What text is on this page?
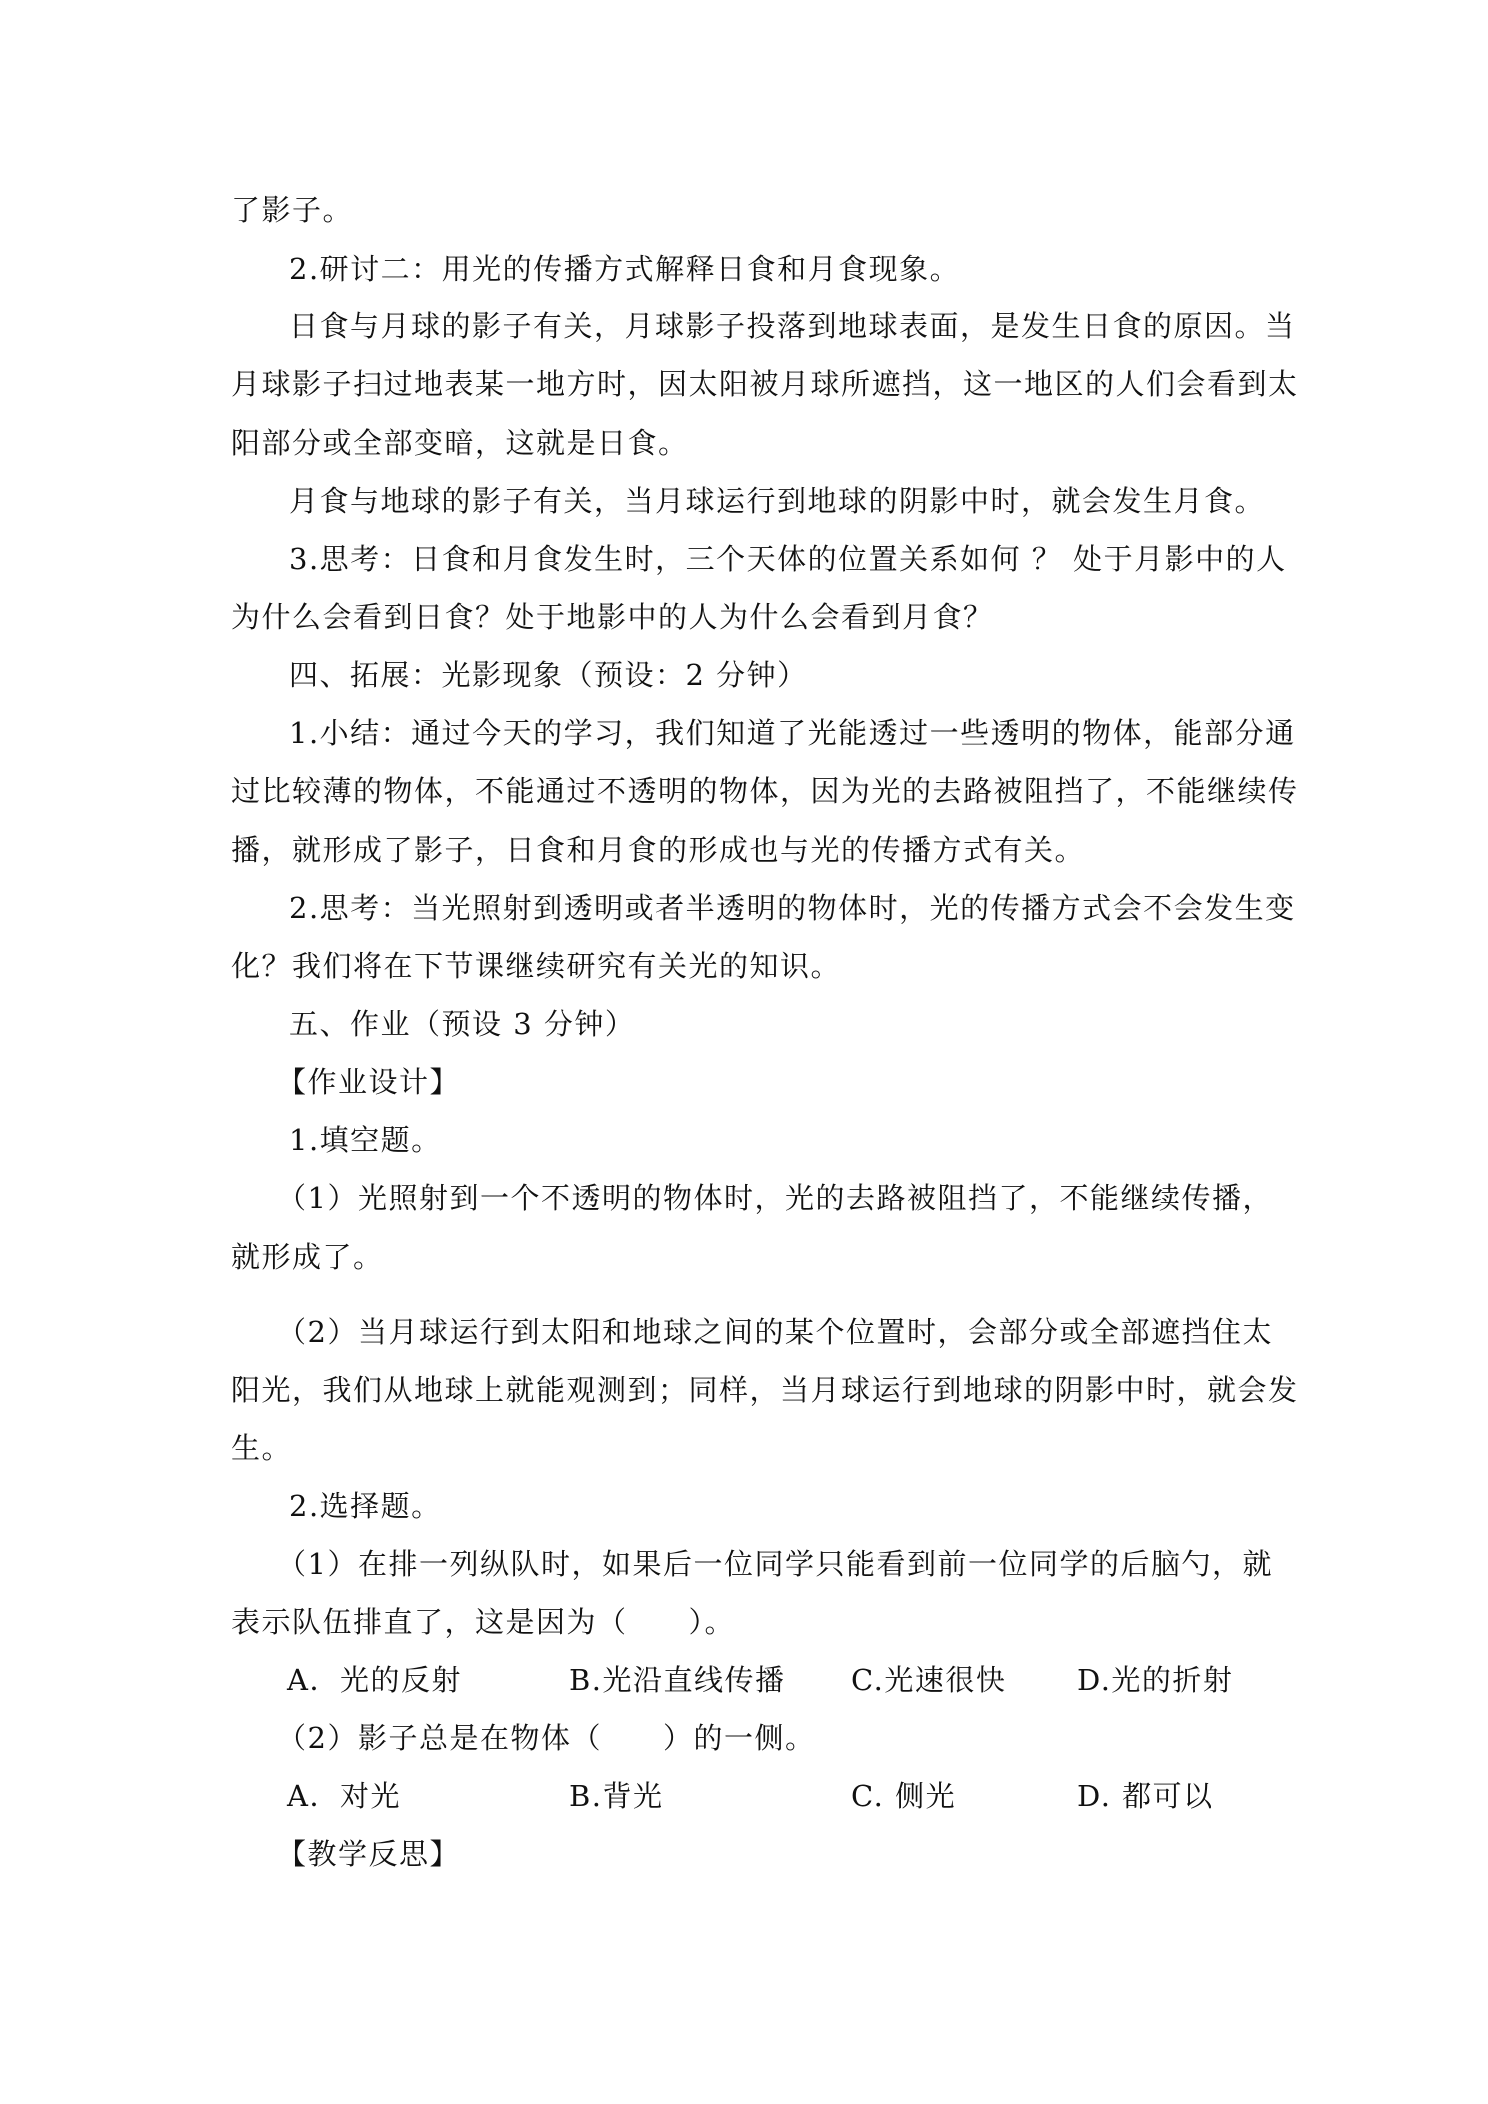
了影子。
2.研讨二：用光的传播方式解释日食和月食现象。
日食与月球的影子有关，月球影子投落到地球表面，是发生日食的原因。当
月球影子扫过地表某一地方时，因太阳被月球所遮挡，这一地区的人们会看到太
阳部分或全部变暗，这就是日食。
月食与地球的影子有关，当月球运行到地球的阴影中时，就会发生月食。
3.思考：日食和月食发生时，三个天体的位置关系如何 ？ 处于月影中的人
为什么会看到日食？处于地影中的人为什么会看到月食？
四、拓展：光影现象（预设：2 分钟）
1.小结：通过今天的学习，我们知道了光能透过一些透明的物体，能部分通
过比较薄的物体，不能通过不透明的物体，因为光的去路被阻挡了，不能继续传
播，就形成了影子，日食和月食的形成也与光的传播方式有关。
2.思考：当光照射到透明或者半透明的物体时，光的传播方式会不会发生变
化？我们将在下节课继续研究有关光的知识。
五、作业（预设 3 分钟）
【作业设计】
1.填空题。
（1）光照射到一个不透明的物体时，光的去路被阻挡了，不能继续传播，
就形成了。
（2）当月球运行到太阳和地球之间的某个位置时，会部分或全部遮挡住太
阳光，我们从地球上就能观测到；同样，当月球运行到地球的阴影中时，就会发
生。
2.选择题。
（1）在排一列纵队时，如果后一位同学只能看到前一位同学的后脑勺，就
表示队伍排直了，这是因为（　　）。
A．光的反射	B.光沿直线传播 C.光速很快 D.光的折射
（2）影子总是在物体（　　）的一侧。
A．对光	B.背光	C. 侧光	D. 都可以
【教学反思】
